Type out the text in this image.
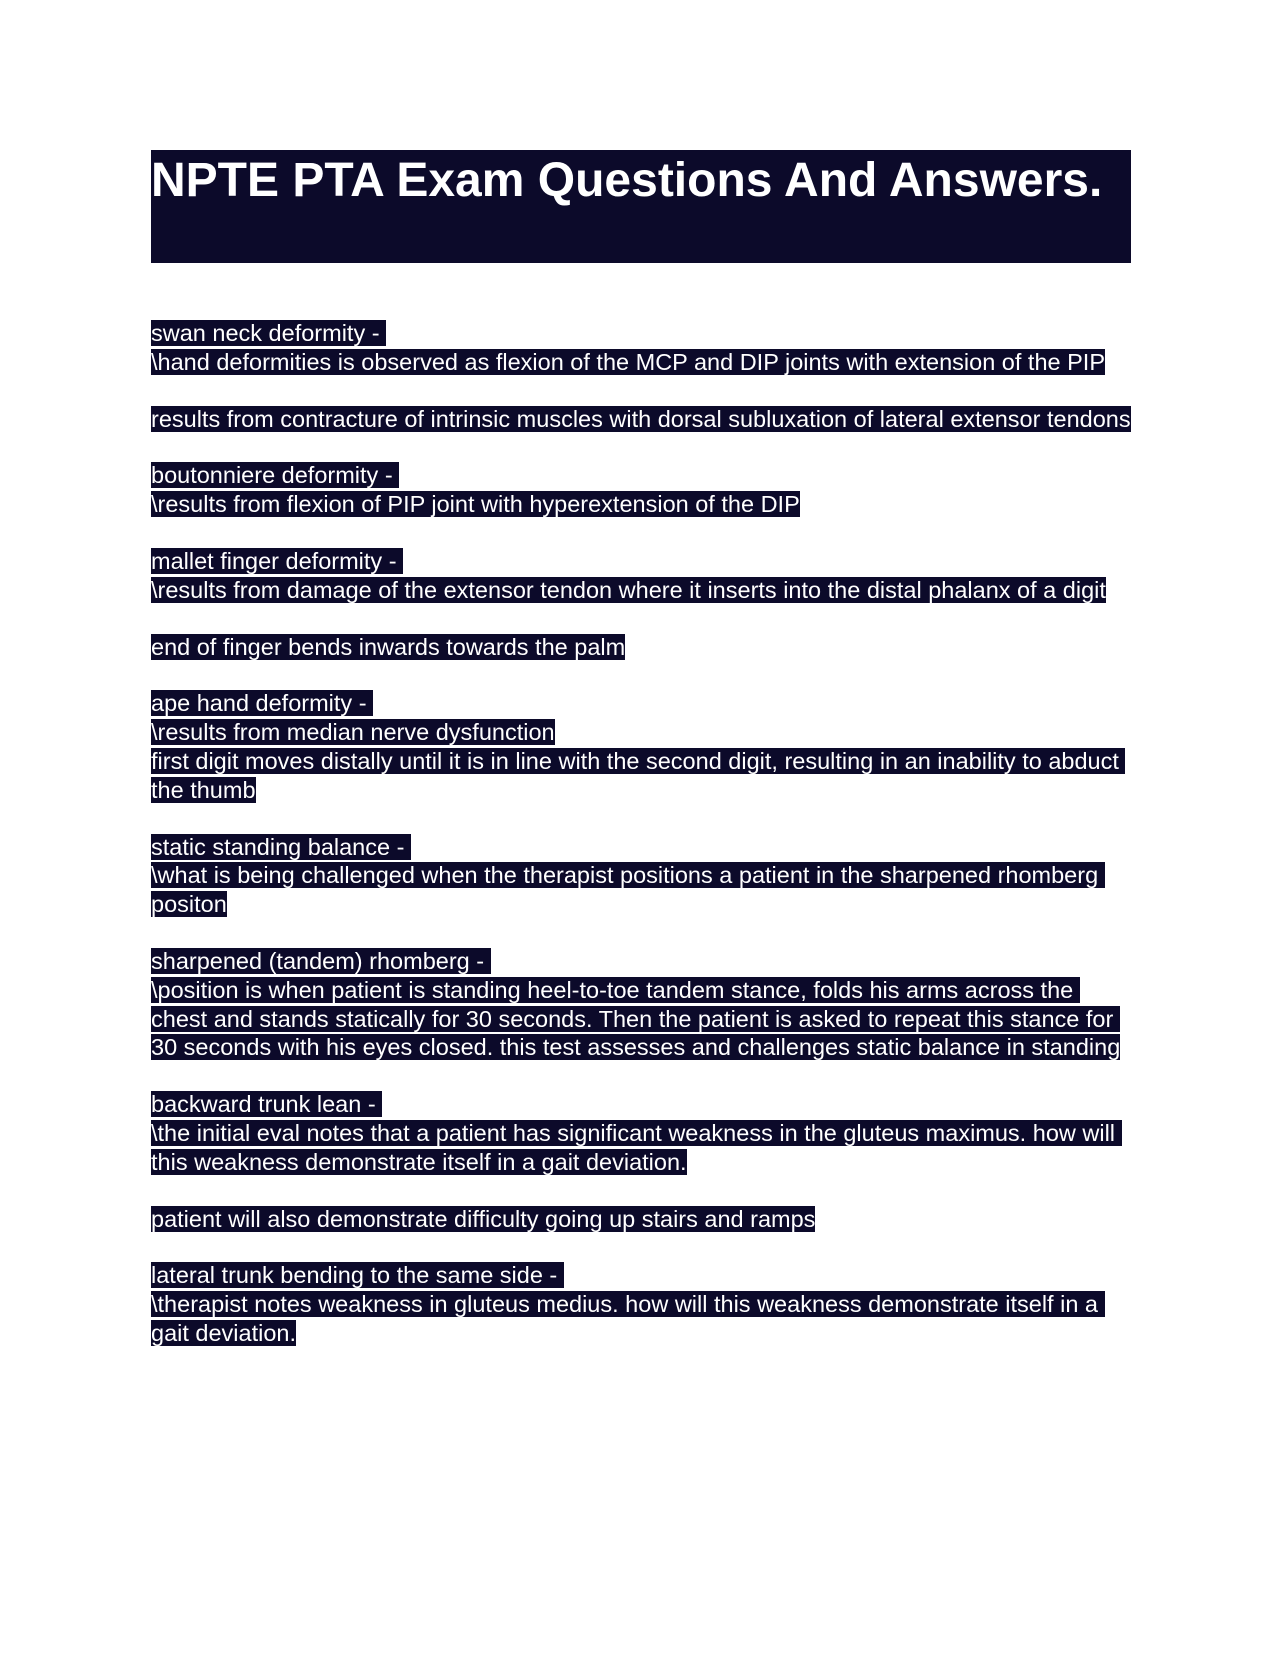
NPTE PTA Exam Questions And Answers.
swan neck deformity -
\hand deformities is observed as flexion of the MCP and DIP joints with extension of the PIP
results from contracture of intrinsic muscles with dorsal subluxation of lateral extensor tendons
boutonniere deformity -
\results from flexion of PIP joint with hyperextension of the DIP
mallet finger deformity -
\results from damage of the extensor tendon where it inserts into the distal phalanx of a digit
end of finger bends inwards towards the palm
ape hand deformity -
\results from median nerve dysfunction
first digit moves distally until it is in line with the second digit, resulting in an inability to abduct the thumb
static standing balance -
\what is being challenged when the therapist positions a patient in the sharpened rhomberg positon
sharpened (tandem) rhomberg -
\position is when patient is standing heel-to-toe tandem stance, folds his arms across the chest and stands statically for 30 seconds. Then the patient is asked to repeat this stance for 30 seconds with his eyes closed. this test assesses and challenges static balance in standing
backward trunk lean -
\the initial eval notes that a patient has significant weakness in the gluteus maximus. how will this weakness demonstrate itself in a gait deviation.
patient will also demonstrate difficulty going up stairs and ramps
lateral trunk bending to the same side -
\therapist notes weakness in gluteus medius. how will this weakness demonstrate itself in a gait deviation.
